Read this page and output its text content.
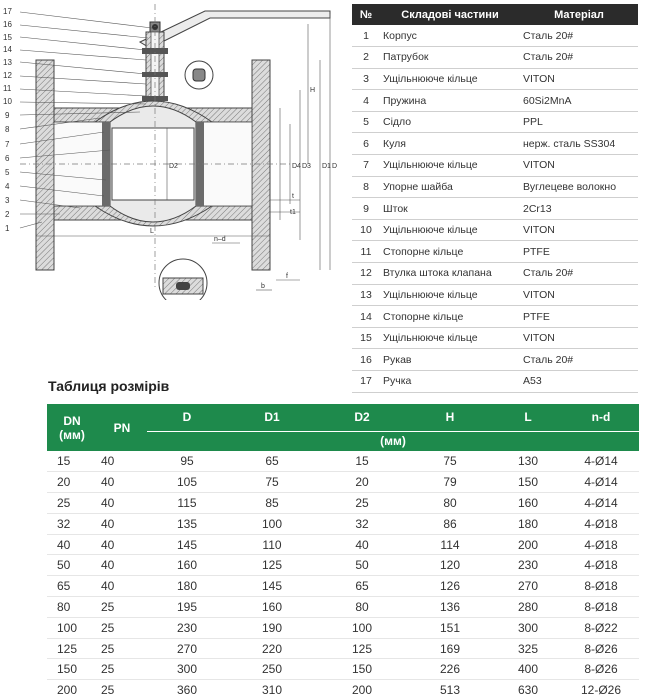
17
16
15
14
13
12
11
10
9
8
7
6
5
4
3
2
1
H
D
D1
D3
D4
D2
L
t
t1
n–d
b
f
№	Складові частини	Матеріал
1	Корпус	Сталь 20#
2	Патрубок	Сталь 20#
3	Ущільнююче кільце	VITON
4	Пружина	60Si2MnA
5	Сідло	PPL
6	Куля	нерж. сталь SS304
7	Ущільнююче кільце	VITON
8	Упорне шайба	Вуглецеве волокно
9	Шток	2Cr13
10	Ущільнююче кільце	VITON
11	Стопорне кільце	PTFE
12	Втулка штока клапана	Сталь 20#
13	Ущільнююче кільце	VITON
14	Стопорне кільце	PTFE
15	Ущільнююче кільце	VITON
16	Рукав	Сталь 20#
17	Ручка	A53
Таблиця розмірів
DN
(мм)	PN	D	D1	D2	H	L	n-d
		(мм)					
15	40	95	65	15	75	130	4-Ø14
20	40	105	75	20	79	150	4-Ø14
25	40	115	85	25	80	160	4-Ø14
32	40	135	100	32	86	180	4-Ø18
40	40	145	110	40	114	200	4-Ø18
50	40	160	125	50	120	230	4-Ø18
65	40	180	145	65	126	270	8-Ø18
80	25	195	160	80	136	280	8-Ø18
100	25	230	190	100	151	300	8-Ø22
125	25	270	220	125	169	325	8-Ø26
150	25	300	250	150	226	400	8-Ø26
200	25	360	310	200	513	630	12-Ø26
